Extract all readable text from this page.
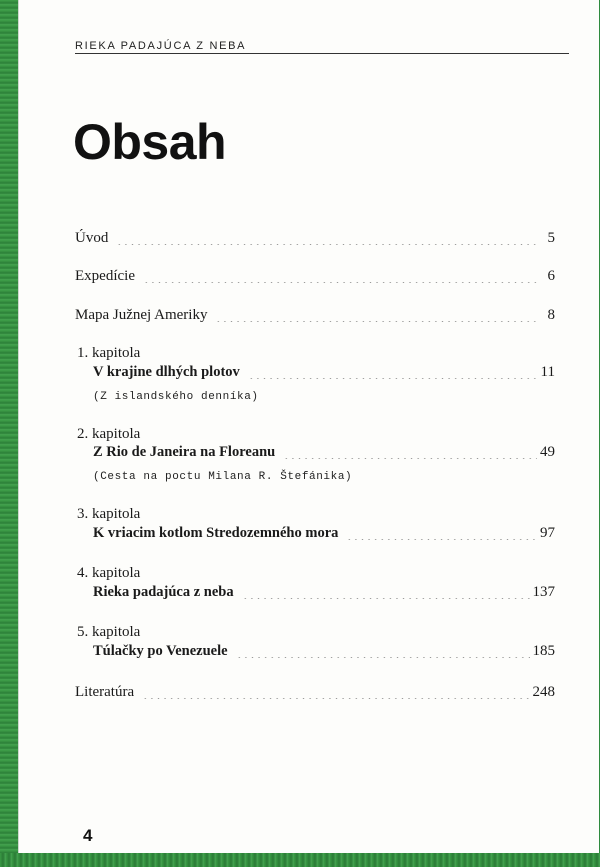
RIEKA PADAJÚCA Z NEBA
Obsah
Úvod	5
Expedície	6
Mapa Južnej Ameriky	8
1. kapitola
V krajine dlhých plotov	11
(Z islandského denníka)
2. kapitola
Z Rio de Janeira na Floreanu	49
(Cesta na poctu Milana R. Štefánika)
3. kapitola
K vriacim kotlom Stredozemného mora	97
4. kapitola
Rieka padajúca z neba	137
5. kapitola
Túlačky po Venezuele	185
Literatúra	248
4
